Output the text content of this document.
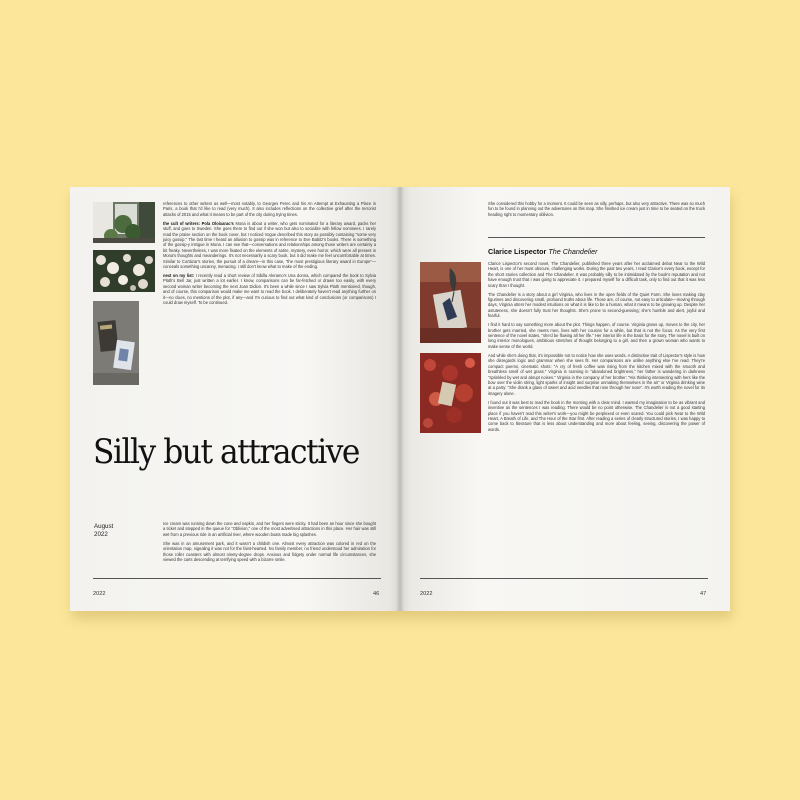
references to other writers as well—most notably, to Georges Perec and his An Attempt at Exhausting a Place in Paris, a book that I'd like to read (very much). It also includes reflections on the collective grief after the terrorist attacks of 2015 and what it means to be part of the city during trying times.

the cult of writers: Pola Oloixarac's Mona is about a writer, who gets nominated for a literary award, packs her stuff, and goes to Sweden. She goes there to find out if she won but also to socialize with fellow nominees. I rarely read the praise section on the book cover, but I noticed Vogue described this story as possibly containing "some very juicy gossip." The last time I heard an allusion to gossip was in reference to Eve Babitz's books. There is something of the gossip-y intrigue in Mona. I can see that—conversations and relationships among those writers are certainly a bit freaky. Nevertheless, I was more fixated on the elements of satire, mystery, even horror, which were all present in Mona's thoughts and meanderings. It's not necessarily a scary book, but it did make me feel uncomfortable at times. Similar to Cortázar's stories, the pursuit of a dream—in this case, "the most prestigious literary award in Europe"—conceals something uncanny, menacing. I still don't know what to make of the ending.

next on my list: I recently read a short review of Sibilla Aleramo's Una donna, which compared the book to Sylvia Plath's Bell Jar, just written a lot earlier. I know, comparisons can be far-fetched or drawn too easily, with every second woman writer becoming the next Joan Didion. It's been a while since I saw Sylvia Plath mentioned, though, and of course, this comparison would make me want to read the book. I deliberately haven't read anything further on it—no clues, no mentions of the plot, if any—and I'm curious to find out what kind of conclusions (or comparisons) I could draw myself. To be continued.

Silly but attractive
August
2022

Ice cream was running down the cone and napkin, and her fingers were sticky. It had been an hour since she bought a ticket and stepped in the queue for "Oblivion," one of the most advertised attractions in this place. Her hair was still wet from a previous ride in an artificial river, where wooden boats made big splashes.

She was in an amusement park, and it wasn't a childish one. Almost every attraction was colored in red on the orientation map, signaling it was not for the faint-hearted. No family member, no friend understood her admiration for those roller coasters with almost ninety-degree drops. Anxious and fidgety under normal life circumstances, she viewed the carts descending at terrifying speed with a bizarre smile.

2022	46
She considered this hobby for a moment. It could be seen as silly, perhaps, but also very attractive. There was so much fun to be found in planning out the adventures on this map. She finished ice cream just in time to be seated on the truck heading right to momentary oblivion.
Clarice Lispector The Chandelier

Clarice Lispector's second novel, The Chandelier, published three years after her acclaimed debut Near to the Wild Heart, is one of her most obscure, challenging works. During the past two years, I read Clarice's every book, except for the short stories collection and The Chandelier. It was probably silly to be intimidated by the book's reputation and not have enough trust that I was going to appreciate it. I prepared myself for a difficult task, only to find out that it was less scary than I thought.

The Chandelier is a story about a girl Virginia, who lives in the open fields of the Quiet Farm. She loves making clay figurines and discovering small, profound truths about life. Those are, of course, not easy to articulate—moving through days, Virginia utters her modest intuitions on what it is like to be a human, what it means to be growing up. Despite her astuteness, she doesn't fully trust her thoughts. She's prone to second-guessing; she's humble and alert, joyful and fearful.

I find it hard to say something more about the plot. Things happen, of course. Virginia grows up, moves to the city, her brother gets married, she meets men, lives with her cousins for a while, but that is not the focus. As the very first sentence of the novel states, "she'd be flowing all her life." Her interior life is the basis for the story. The novel is built on long interior monologues, ambitious stretches of thought belonging to a girl, and then a grown woman who wants to make sense of the world.

And while she's doing that, it's impossible not to notice how she uses words. A distinctive trait of Lispector's style is how she disregards logic and grammar when she sees fit. Her comparisons are unlike anything else I've read. They're compact poems, cinematic shots: "A cry of fresh coffee was rising from the kitchen mixed with the smooth and breathless smell of wet grass." Virginia is roaming in "abandoned brightness," her father is wandering in darkness "sprinkled by wet and abrupt noises." Virginia in the company of her brother: "His thinking intersecting with hers like the bow over the violin string, light sparks of insight and surprise unmaking themselves in the air" or Virginia drinking wine at a party: "She drank a glass of sweet and acid needles that rose through her nose". It's worth reading the novel for its imagery alone.

I found out it was best to read the book in the morning with a clear mind. I wanted my imagination to be as vibrant and inventive as the sentences I was reading. There would be no point otherwise. The Chandelier is not a good starting place if you haven't read this writer's work—you might be perplexed or even scared. You could pick Near to the Wild Heart, A Breath of Life, and The Hour of the Star first. After reading a series of clearly structured stories, I was happy to come back to literature that is less about understanding and more about feeling, seeing, discovering the power of words.

2022	47
